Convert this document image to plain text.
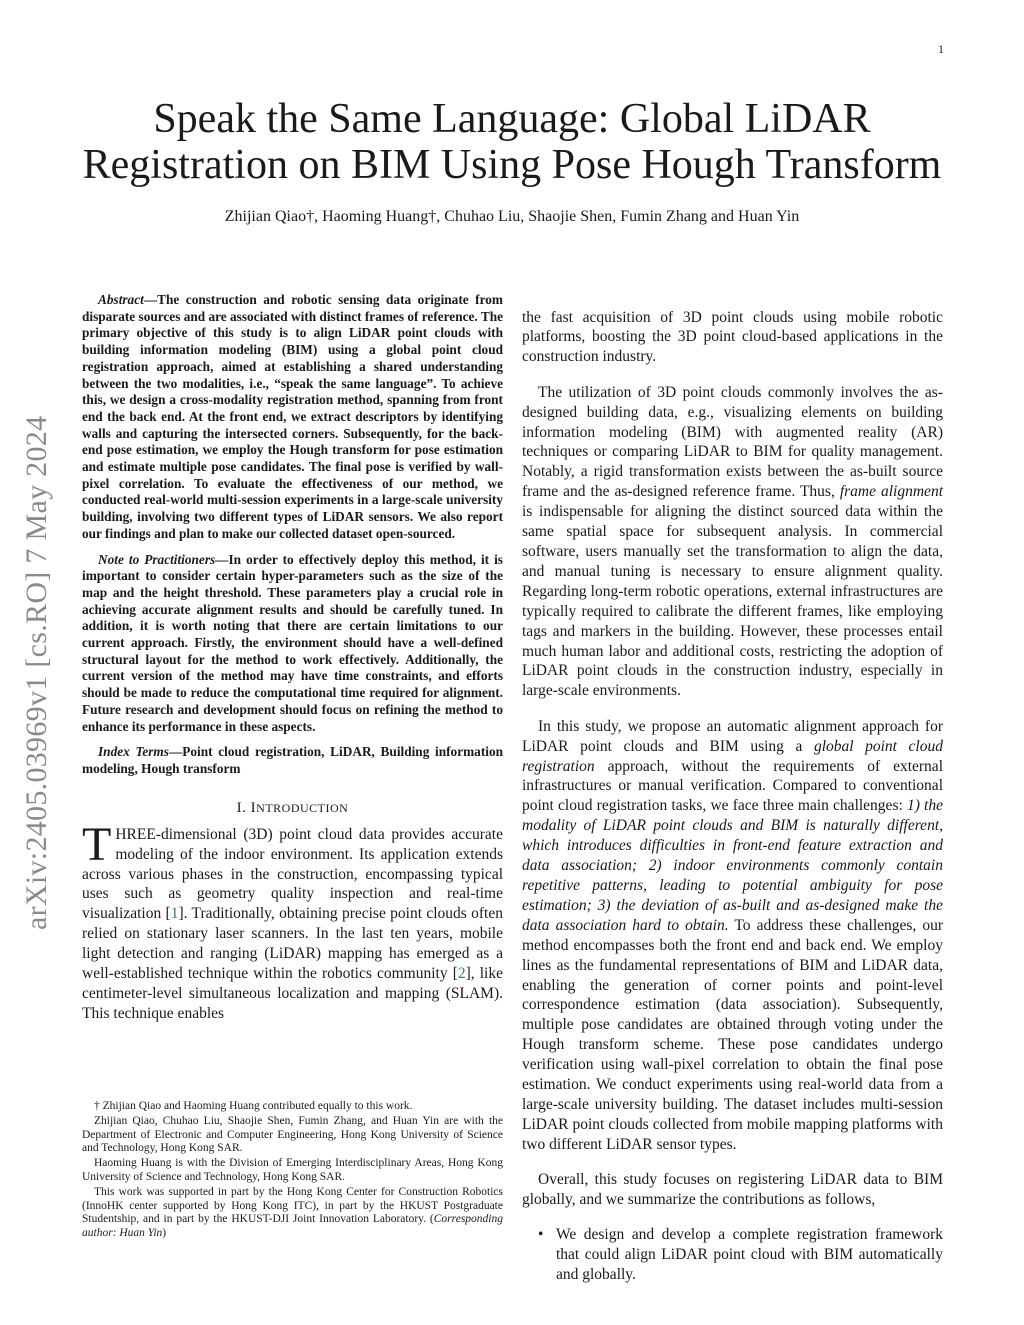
1
arXiv:2405.03969v1 [cs.RO] 7 May 2024
Speak the Same Language: Global LiDAR
Registration on BIM Using Pose Hough Transform
Zhijian Qiao†, Haoming Huang†, Chuhao Liu, Shaojie Shen, Fumin Zhang and Huan Yin

Abstract—The construction and robotic sensing data originate from disparate sources and are associated with distinct frames of reference. The primary objective of this study is to align LiDAR point clouds with building information modeling (BIM) using a global point cloud registration approach, aimed at establishing a shared understanding between the two modalities, i.e., “speak the same language”. To achieve this, we design a cross-modality registration method, spanning from front end the back end. At the front end, we extract descriptors by identifying walls and capturing the intersected corners. Subsequently, for the back-end pose estimation, we employ the Hough transform for pose estimation and estimate multiple pose candidates. The final pose is verified by wall-pixel correlation. To evaluate the effectiveness of our method, we conducted real-world multi-session experiments in a large-scale university building, involving two different types of LiDAR sensors. We also report our findings and plan to make our collected dataset open-sourced.

Note to Practitioners—In order to effectively deploy this method, it is important to consider certain hyper-parameters such as the size of the map and the height threshold. These parameters play a crucial role in achieving accurate alignment results and should be carefully tuned. In addition, it is worth noting that there are certain limitations to our current approach. Firstly, the environment should have a well-defined structural layout for the method to work effectively. Additionally, the current version of the method may have time constraints, and efforts should be made to reduce the computational time required for alignment. Future research and development should focus on refining the method to enhance its performance in these aspects.

Index Terms—Point cloud registration, LiDAR, Building information modeling, Hough transform

I. INTRODUCTION

THREE-dimensional (3D) point cloud data provides accurate modeling of the indoor environment. Its application extends across various phases in the construction, encompassing typical uses such as geometry quality inspection and real-time visualization [1]. Traditionally, obtaining precise point clouds often relied on stationary laser scanners. In the last ten years, mobile light detection and ranging (LiDAR) mapping has emerged as a well-established technique within the robotics community [2], like centimeter-level simultaneous localization and mapping (SLAM). This technique enables

† Zhijian Qiao and Haoming Huang contributed equally to this work.

Zhijian Qiao, Chuhao Liu, Shaojie Shen, Fumin Zhang, and Huan Yin are with the Department of Electronic and Computer Engineering, Hong Kong University of Science and Technology, Hong Kong SAR.

Haoming Huang is with the Division of Emerging Interdisciplinary Areas, Hong Kong University of Science and Technology, Hong Kong SAR.

This work was supported in part by the Hong Kong Center for Construction Robotics (InnoHK center supported by Hong Kong ITC), in part by the HKUST Postgraduate Studentship, and in part by the HKUST-DJI Joint Innovation Laboratory. (Corresponding author: Huan Yin)

the fast acquisition of 3D point clouds using mobile robotic platforms, boosting the 3D point cloud-based applications in the construction industry.

The utilization of 3D point clouds commonly involves the as-designed building data, e.g., visualizing elements on building information modeling (BIM) with augmented reality (AR) techniques or comparing LiDAR to BIM for quality management. Notably, a rigid transformation exists between the as-built source frame and the as-designed reference frame. Thus, frame alignment is indispensable for aligning the distinct sourced data within the same spatial space for subsequent analysis. In commercial software, users manually set the transformation to align the data, and manual tuning is necessary to ensure alignment quality. Regarding long-term robotic operations, external infrastructures are typically required to calibrate the different frames, like employing tags and markers in the building. However, these processes entail much human labor and additional costs, restricting the adoption of LiDAR point clouds in the construction industry, especially in large-scale environments.

In this study, we propose an automatic alignment approach for LiDAR point clouds and BIM using a global point cloud registration approach, without the requirements of external infrastructures or manual verification. Compared to conventional point cloud registration tasks, we face three main challenges: 1) the modality of LiDAR point clouds and BIM is naturally different, which introduces difficulties in front-end feature extraction and data association; 2) indoor environments commonly contain repetitive patterns, leading to potential ambiguity for pose estimation; 3) the deviation of as-built and as-designed make the data association hard to obtain. To address these challenges, our method encompasses both the front end and back end. We employ lines as the fundamental representations of BIM and LiDAR data, enabling the generation of corner points and point-level correspondence estimation (data association). Subsequently, multiple pose candidates are obtained through voting under the Hough transform scheme. These pose candidates undergo verification using wall-pixel correlation to obtain the final pose estimation. We conduct experiments using real-world data from a large-scale university building. The dataset includes multi-session LiDAR point clouds collected from mobile mapping platforms with two different LiDAR sensor types.

Overall, this study focuses on registering LiDAR data to BIM globally, and we summarize the contributions as follows,

• We design and develop a complete registration framework that could align LiDAR point cloud with BIM automatically and globally.
